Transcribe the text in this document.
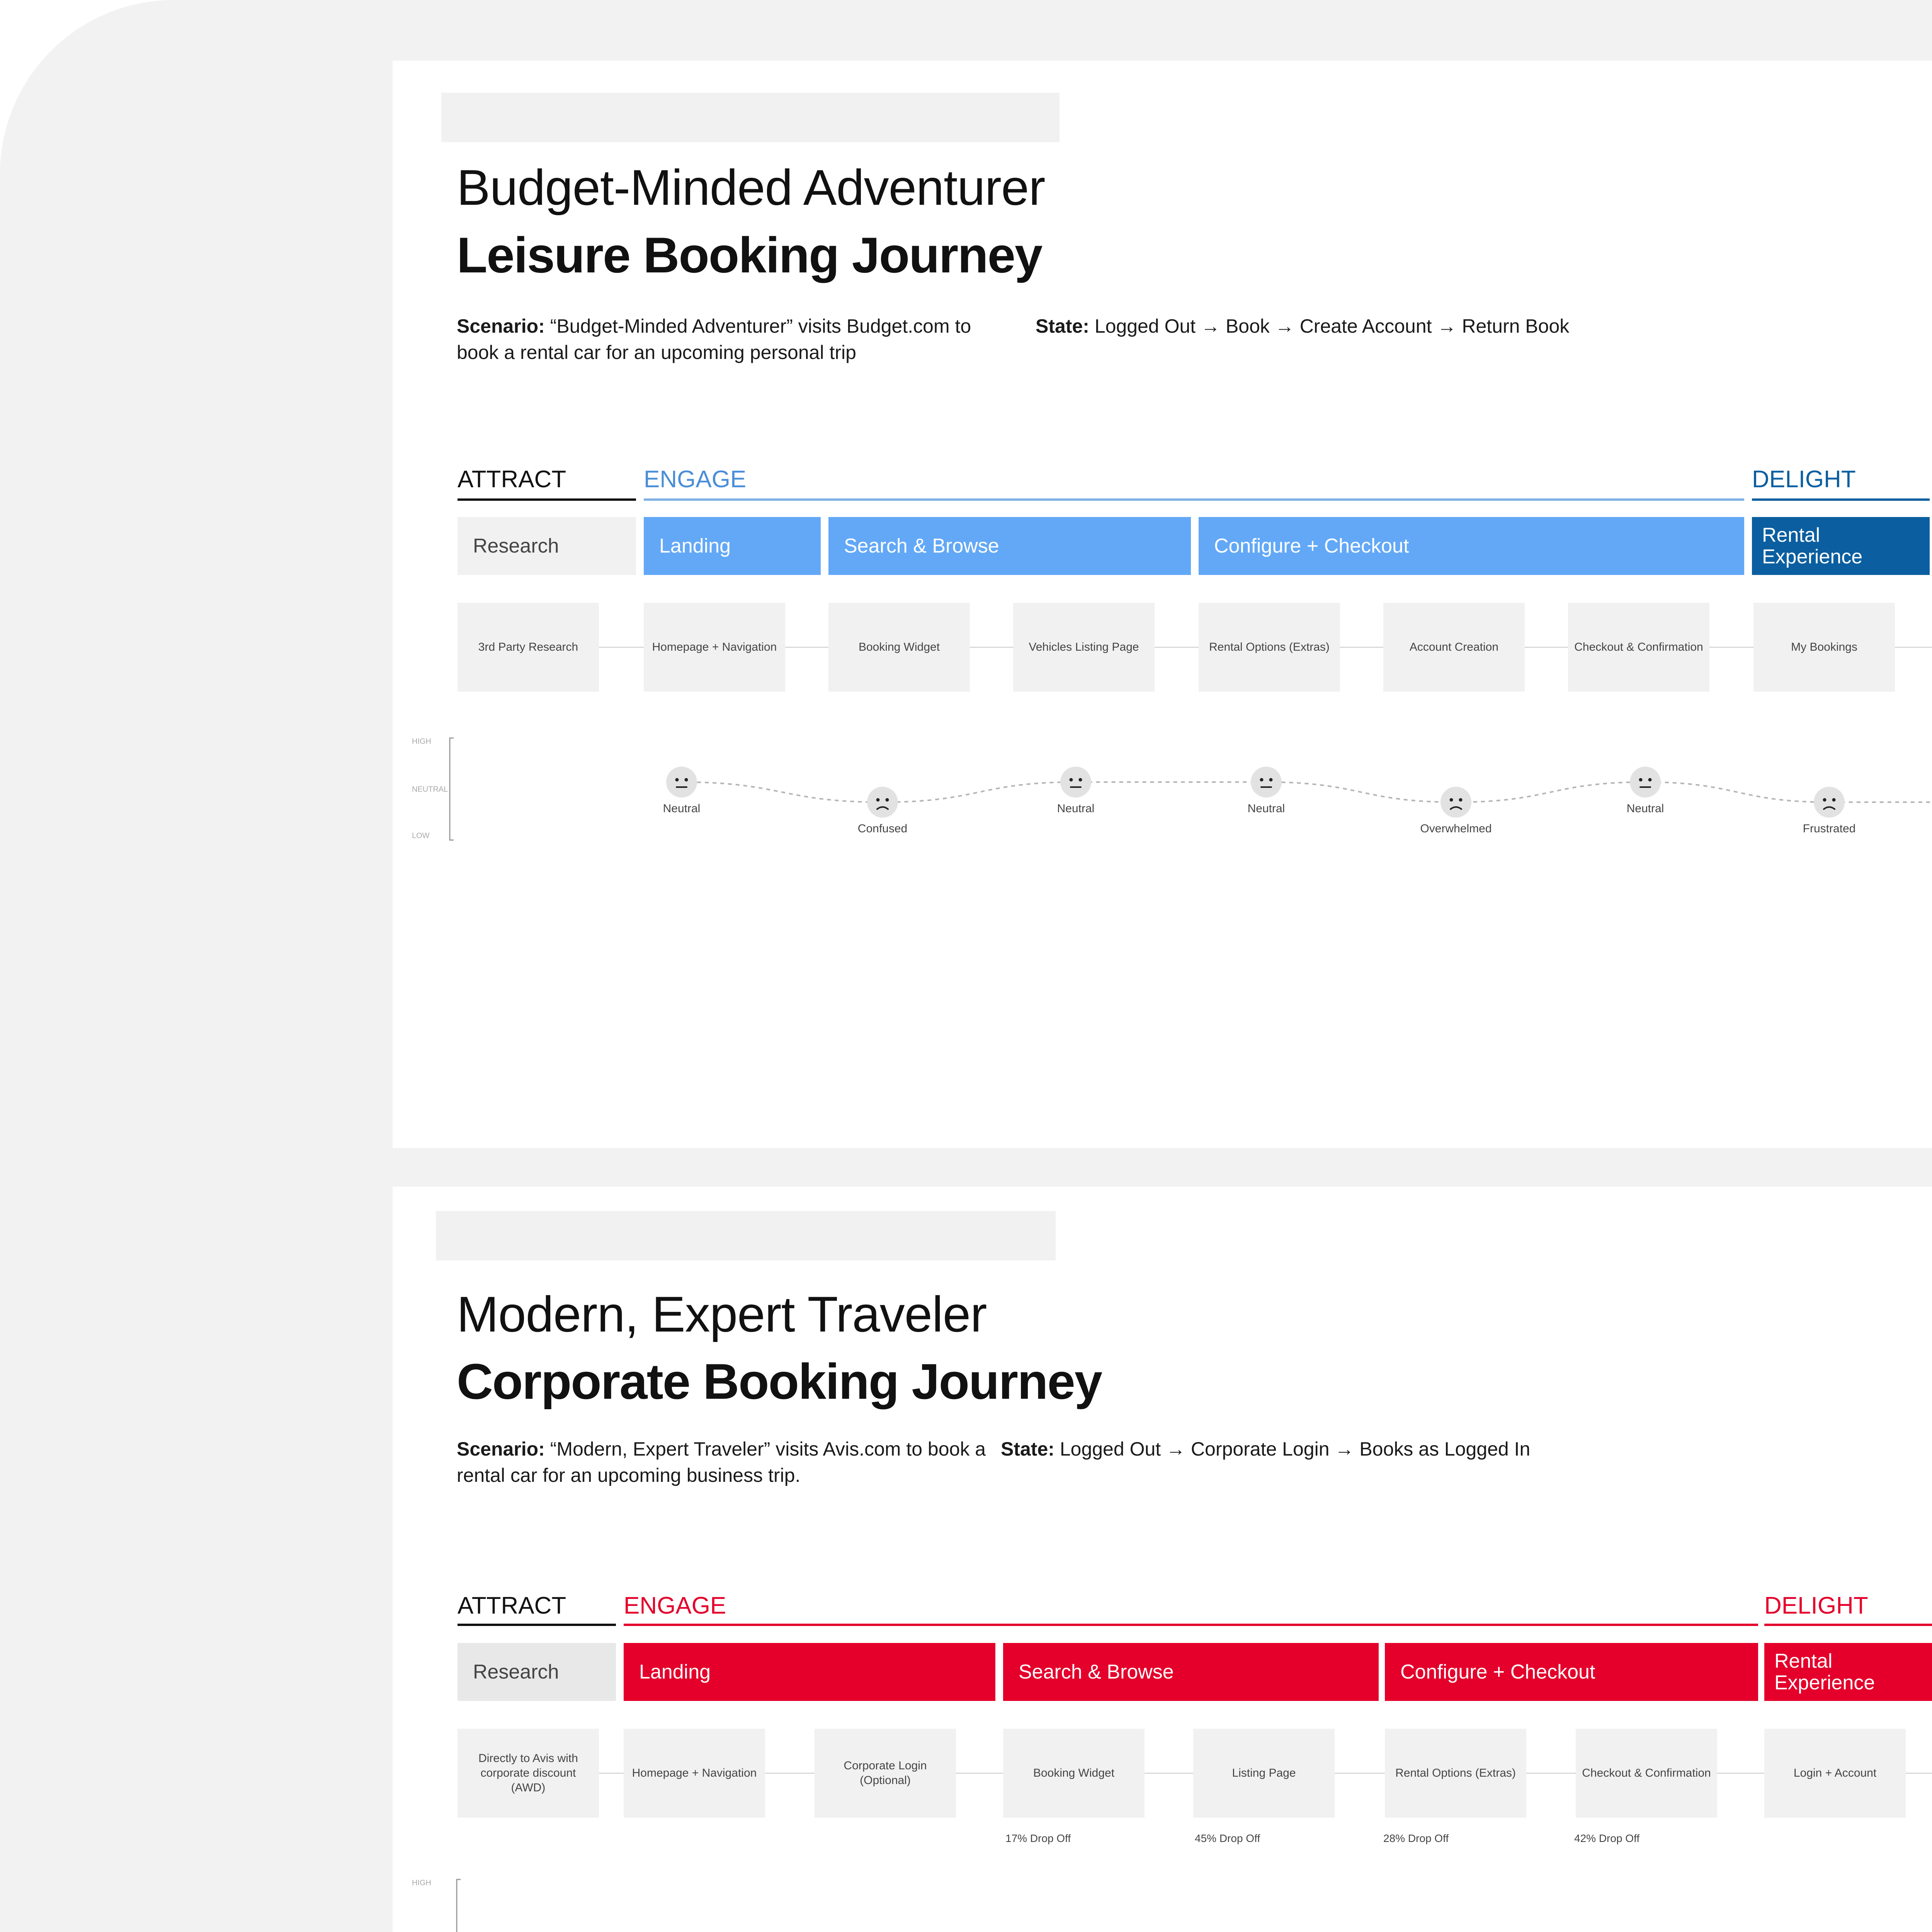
Budget-Minded Adventurer
Leisure Booking Journey
Scenario: “Budget-Minded Adventurer” visits Budget.com to book a rental car for an upcoming personal trip
State: Logged Out → Book → Create Account → Return Book
ATTRACT	ENGAGE	DELIGHT
Research	Landing	Search & Browse	Configure + Checkout	Rental Experience
3rd Party Research	Homepage + Navigation	Booking Widget	Vehicles Listing Page	Rental Options (Extras)	Account Creation	Checkout & Confirmation	My Bookings
HIGH
NEUTRAL
LOW
Neutral
Confused
Neutral	Neutral
Overwhelmed
Neutral
Frustrated
Modern, Expert Traveler
Corporate Booking Journey
Scenario: “Modern, Expert Traveler” visits Avis.com to book a rental car for an upcoming business trip.
State: Logged Out → Corporate Login → Books as Logged In
ATTRACT ENGAGE	DELIGHT
Research	Landing	Search & Browse	Configure + Checkout	Rental Experience
Directly to Avis with corporate discount (AWD)
Homepage + Navigation
Corporate Login (Optional)
Booking Widget	Listing Page	Rental Options (Extras)	Checkout & Confirmation	Login + Account
17% Drop Off	45% Drop Off	28% Drop Off	42% Drop Off
HIGH
